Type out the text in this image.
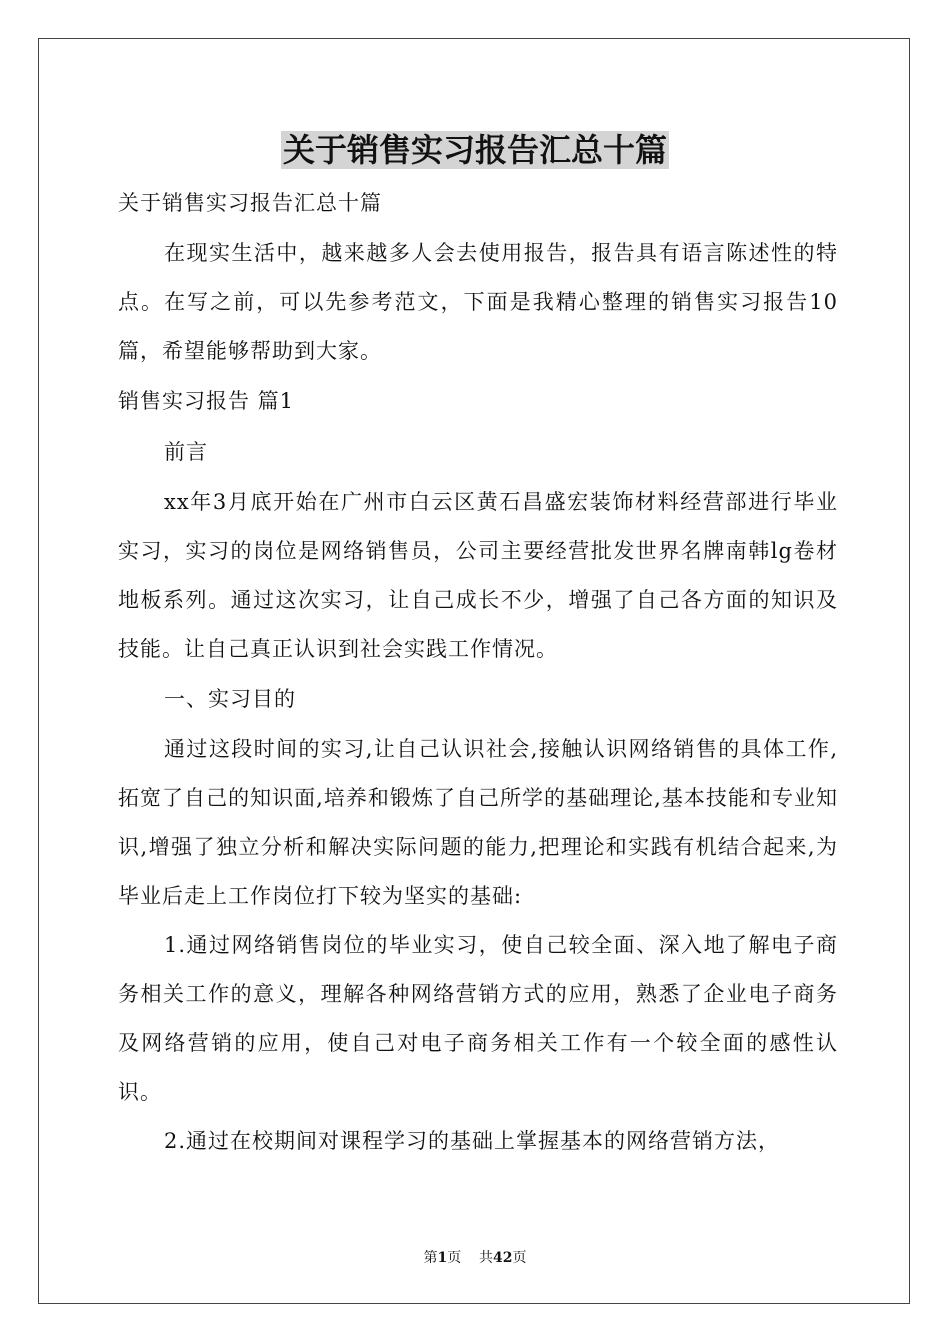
关于销售实习报告汇总十篇

关于销售实习报告汇总十篇

在现实生活中，越来越多人会去使用报告，报告具有语言陈述性的特点。在写之前，可以先参考范文，下面是我精心整理的销售实习报告10篇，希望能够帮助到大家。

销售实习报告 篇1

前言

xx年3月底开始在广州市白云区黄石昌盛宏装饰材料经营部进行毕业实习，实习的岗位是网络销售员，公司主要经营批发世界名牌南韩lg卷材地板系列。通过这次实习，让自己成长不少，增强了自己各方面的知识及技能。让自己真正认识到社会实践工作情况。

一、实习目的

通过这段时间的实习,让自己认识社会,接触认识网络销售的具体工作,拓宽了自己的知识面,培养和锻炼了自己所学的基础理论,基本技能和专业知识,增强了独立分析和解决实际问题的能力,把理论和实践有机结合起来,为毕业后走上工作岗位打下较为坚实的基础:

1.通过网络销售岗位的毕业实习，使自己较全面、深入地了解电子商务相关工作的意义，理解各种网络营销方式的应用，熟悉了企业电子商务及网络营销的应用，使自己对电子商务相关工作有一个较全面的感性认识。

2.通过在校期间对课程学习的基础上掌握基本的网络营销方法，

第1页 共42页
